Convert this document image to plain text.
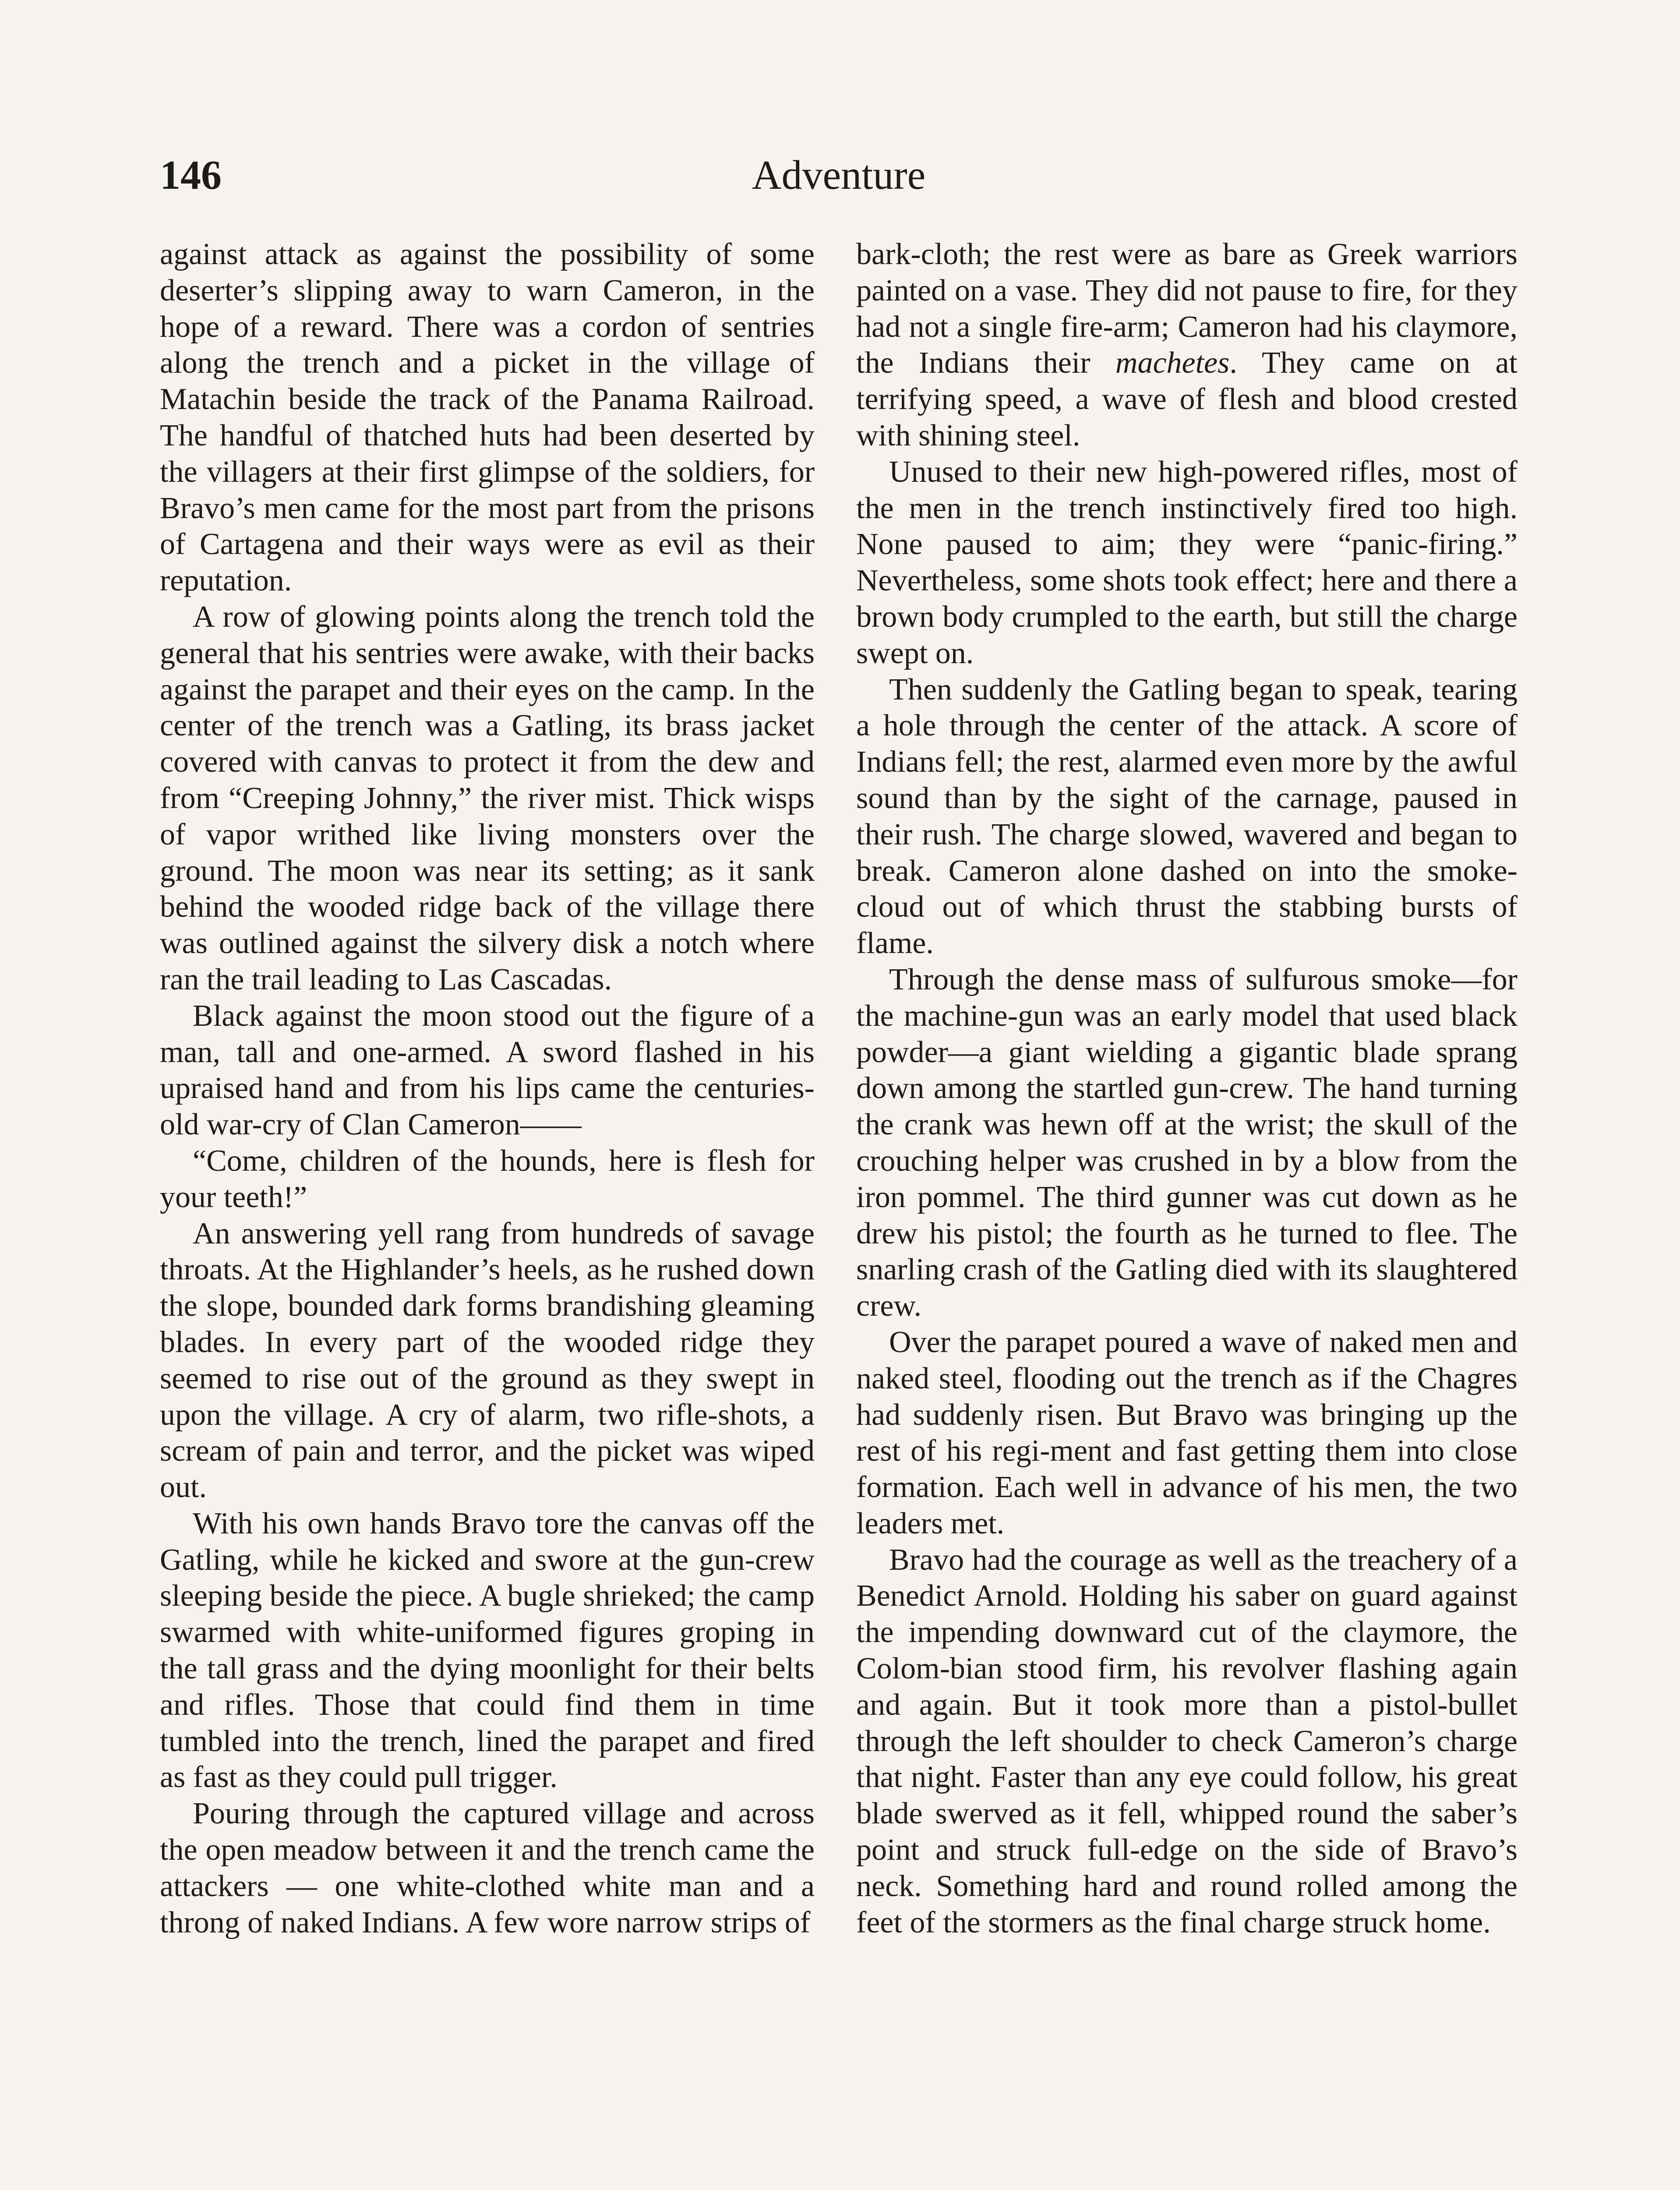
146	Adventure

against attack as against the possibility of some deserter’s slipping away to warn Cameron, in the hope of a reward. There was a cordon of sentries along the trench and a picket in the village of Matachin beside the track of the Panama Railroad. The handful of thatched huts had been deserted by the villagers at their first glimpse of the soldiers, for Bravo’s men came for the most part from the prisons of Cartagena and their ways were as evil as their reputation.

A row of glowing points along the trench told the general that his sentries were awake, with their backs against the parapet and their eyes on the camp. In the center of the trench was a Gatling, its brass jacket covered with canvas to protect it from the dew and from “Creeping Johnny,” the river mist. Thick wisps of vapor writhed like living monsters over the ground. The moon was near its setting; as it sank behind the wooded ridge back of the village there was outlined against the silvery disk a notch where ran the trail leading to Las Cascadas.

Black against the moon stood out the figure of a man, tall and one-armed. A sword flashed in his upraised hand and from his lips came the centuries-old war-cry of Clan Cameron——

“Come, children of the hounds, here is flesh for your teeth!”

An answering yell rang from hundreds of savage throats. At the Highlander’s heels, as he rushed down the slope, bounded dark forms brandishing gleaming blades. In every part of the wooded ridge they seemed to rise out of the ground as they swept in upon the village. A cry of alarm, two rifle-shots, a scream of pain and terror, and the picket was wiped out.

With his own hands Bravo tore the canvas off the Gatling, while he kicked and swore at the gun-crew sleeping beside the piece. A bugle shrieked; the camp swarmed with white-uniformed figures groping in the tall grass and the dying moonlight for their belts and rifles. Those that could find them in time tumbled into the trench, lined the parapet and fired as fast as they could pull trigger.

Pouring through the captured village and across the open meadow between it and the trench came the attackers — one white-clothed white man and a throng of naked Indians. A few wore narrow strips of

bark-cloth; the rest were as bare as Greek warriors painted on a vase. They did not pause to fire, for they had not a single fire-arm; Cameron had his claymore, the Indians their machetes. They came on at terrifying speed, a wave of flesh and blood crested with shining steel.

Unused to their new high-powered rifles, most of the men in the trench instinctively fired too high. None paused to aim; they were “panic-firing.” Nevertheless, some shots took effect; here and there a brown body crumpled to the earth, but still the charge swept on.

Then suddenly the Gatling began to speak, tearing a hole through the center of the attack. A score of Indians fell; the rest, alarmed even more by the awful sound than by the sight of the carnage, paused in their rush. The charge slowed, wavered and began to break. Cameron alone dashed on into the smoke-cloud out of which thrust the stabbing bursts of flame.

Through the dense mass of sulfurous smoke—for the machine-gun was an early model that used black powder—a giant wielding a gigantic blade sprang down among the startled gun-crew. The hand turning the crank was hewn off at the wrist; the skull of the crouching helper was crushed in by a blow from the iron pommel. The third gunner was cut down as he drew his pistol; the fourth as he turned to flee. The snarling crash of the Gatling died with its slaughtered crew.

Over the parapet poured a wave of naked men and naked steel, flooding out the trench as if the Chagres had suddenly risen. But Bravo was bringing up the rest of his regi-ment and fast getting them into close formation. Each well in advance of his men, the two leaders met.

Bravo had the courage as well as the treachery of a Benedict Arnold. Holding his saber on guard against the impending downward cut of the claymore, the Colom-bian stood firm, his revolver flashing again and again. But it took more than a pistol-bullet through the left shoulder to check Cameron’s charge that night. Faster than any eye could follow, his great blade swerved as it fell, whipped round the saber’s point and struck full-edge on the side of Bravo’s neck. Something hard and round rolled among the feet of the stormers as the final charge struck home.
